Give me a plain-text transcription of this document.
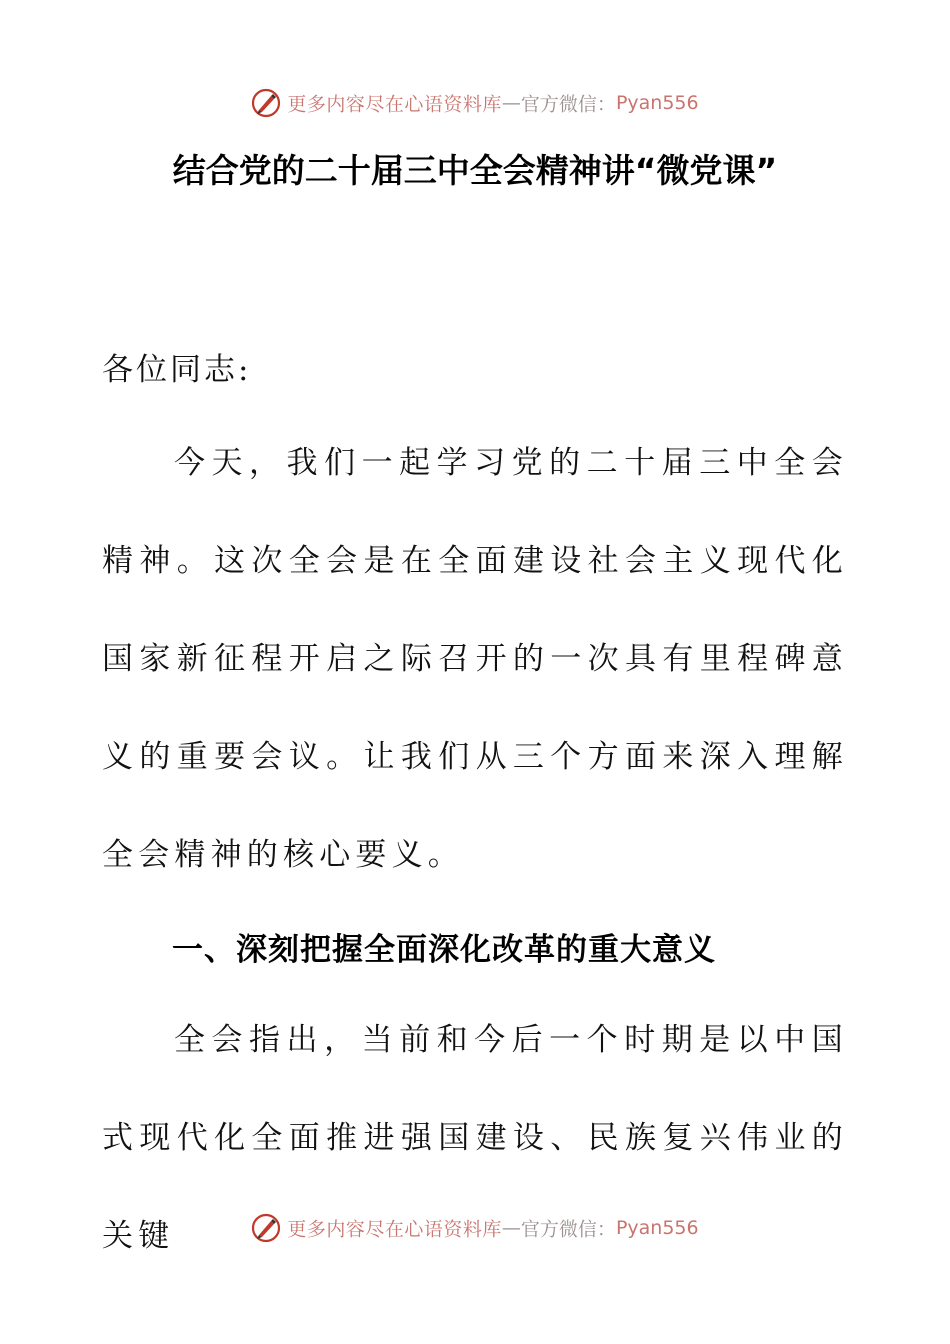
更多内容尽在心语资料库—官方微信：Pyan556
结合党的二十届三中全会精神讲“微党课”
各位同志:
今天，我们一起学习党的二十届三中全会精神。这次全会是在全面建设社会主义现代化国家新征程开启之际召开的一次具有里程碑意义的重要会议。让我们从三个方面来深入理解全会精神的核心要义。
一、深刻把握全面深化改革的重大意义
全会指出，当前和今后一个时期是以中国式现代化全面推进强国建设、民族复兴伟业的关键	更多内容尽在心语资料库—官方微信：Pyan556
